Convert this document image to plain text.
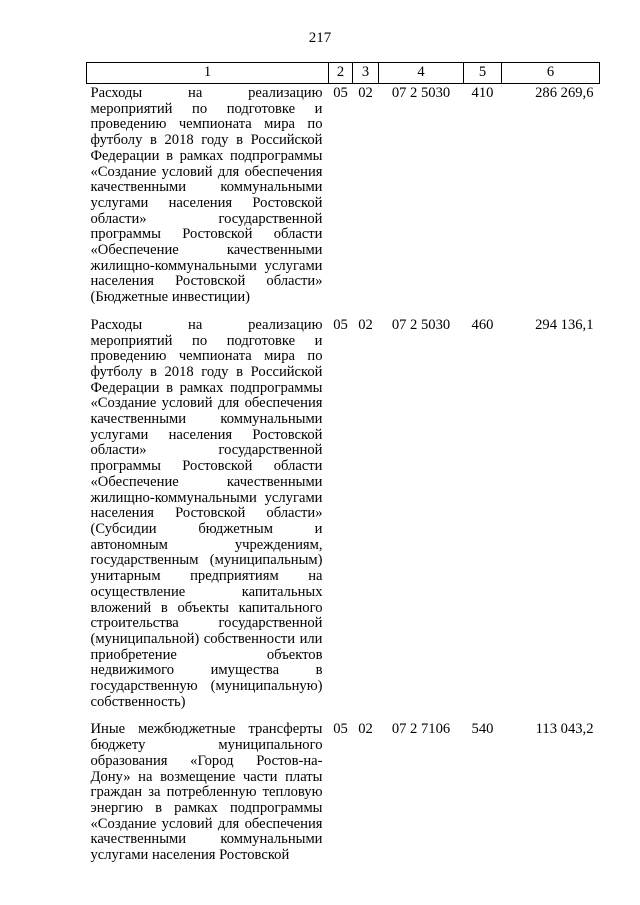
217
1	2	3	4	5	6
Расходы на реализацию мероприятий по подготовке и проведению чемпионата мира по футболу в 2018 году в Российской Федерации в рамках подпрограммы «Создание условий для обеспечения качественными коммунальными услугами населения Ростовской области» государственной программы Ростовской области «Обеспечение качественными жилищно-коммунальными услугами населения Ростовской области» (Бюджетные инвестиции)	05	02	07 2 5030	410	286 269,6
Расходы на реализацию мероприятий по подготовке и проведению чемпионата мира по футболу в 2018 году в Российской Федерации в рамках подпрограммы «Создание условий для обеспечения качественными коммунальными услугами населения Ростовской области» государственной программы Ростовской области «Обеспечение качественными жилищно-коммунальными услугами населения Ростовской области» (Субсидии бюджетным и автономным учреждениям, государственным (муниципальным) унитарным предприятиям на осуществление капитальных вложений в объекты капитального строительства государственной (муниципальной) собственности или приобретение объектов недвижимого имущества в государственную (муниципальную) собственность)	05	02	07 2 5030	460	294 136,1
Иные межбюджетные трансферты бюджету муниципального образования «Город Ростов-на-Дону» на возмещение части платы граждан за потребленную тепловую энергию в рамках подпрограммы «Создание условий для обеспечения качественными коммунальными услугами населения Ростовской	05	02	07 2 7106	540	113 043,2
